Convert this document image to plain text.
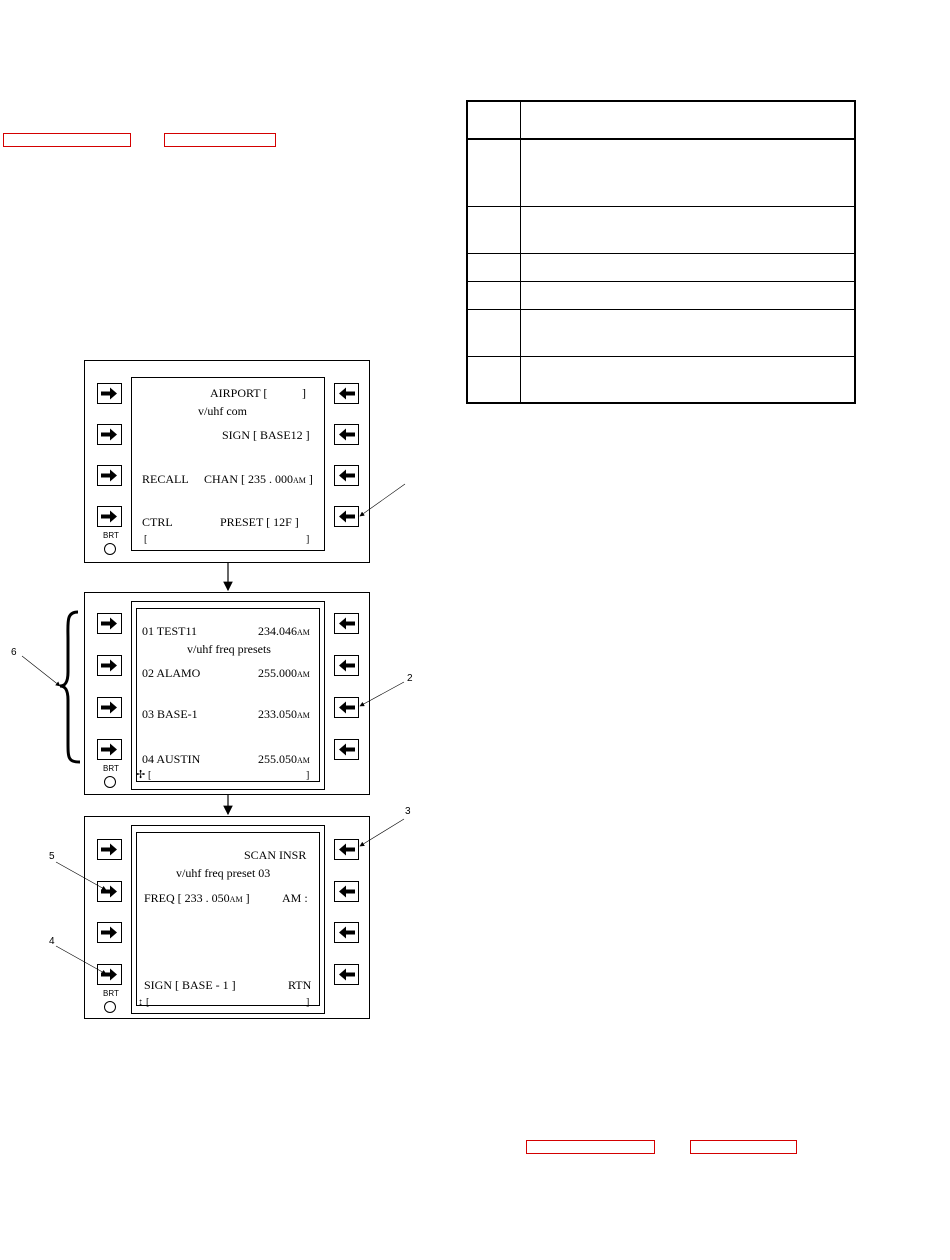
AIRPORT [	]
v/uhf com
SIGN [ BASE12 ]
RECALL CHAN [ 235 . 000AM ]
CTRL	PRESET [ 12F ]
[	]
BRT
01 TEST11	234.046AM
v/uhf freq presets
02 ALAMO	255.000AM
03 BASE-1	233.050AM
04 AUSTIN	255.050AM
✢ [	]
BRT
SCAN INSR
v/uhf freq preset 03
FREQ [ 233 . 050AM ]	AM :
SIGN [ BASE - 1 ]	RTN
↕ [	]
BRT
6
2
3
5
4
